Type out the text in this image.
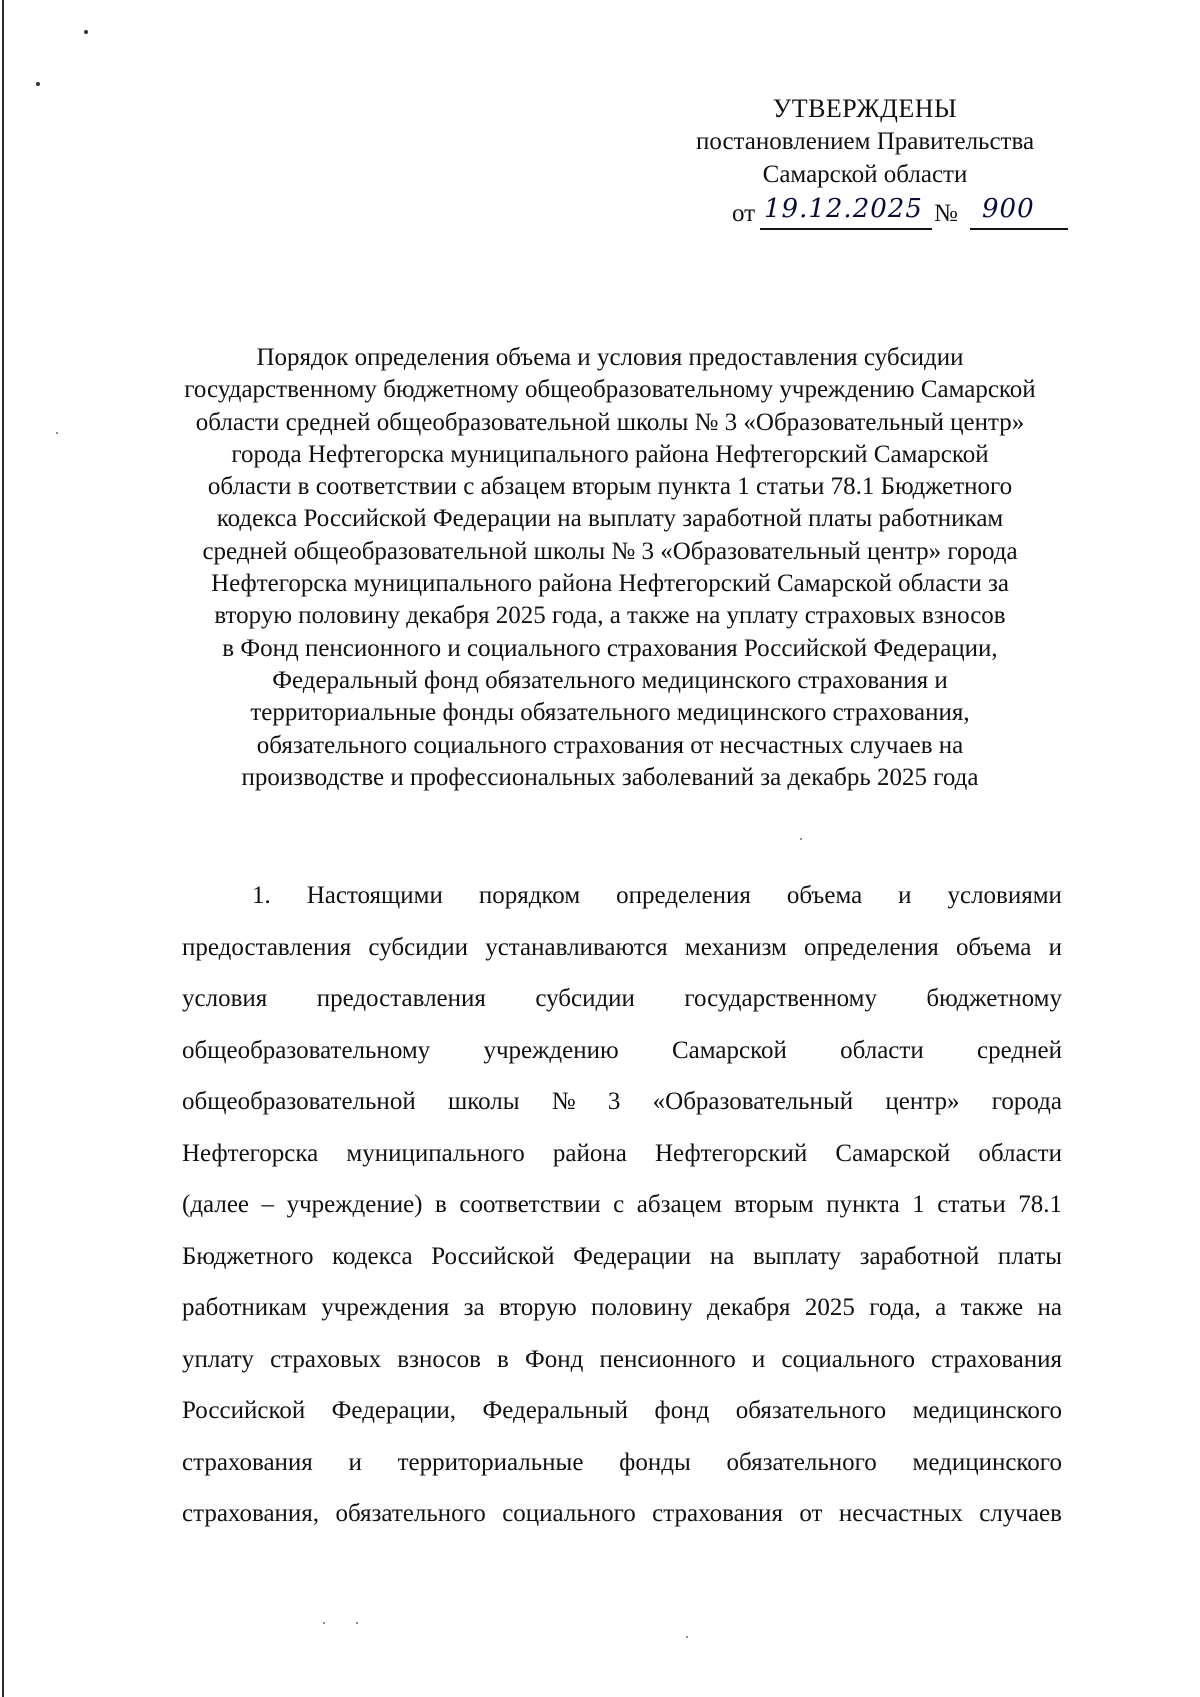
УТВЕРЖДЕНЫ
постановлением Правительства
Самарской области
от 19.12.2025 № 900
Порядок определения объема и условия предоставления субсидии
государственному бюджетному общеобразовательному учреждению Самарской
области средней общеобразовательной школы № 3 «Образовательный центр»
города Нефтегорска муниципального района Нефтегорский Самарской
области в соответствии с абзацем вторым пункта 1 статьи 78.1 Бюджетного
кодекса Российской Федерации на выплату заработной платы работникам
средней общеобразовательной школы № 3 «Образовательный центр» города
Нефтегорска муниципального района Нефтегорский Самарской области за
вторую половину декабря 2025 года, а также на уплату страховых взносов
в Фонд пенсионного и социального страхования Российской Федерации,
Федеральный фонд обязательного медицинского страхования и
территориальные фонды обязательного медицинского страхования,
обязательного социального страхования от несчастных случаев на
производстве и профессиональных заболеваний за декабрь 2025 года
1. Настоящими порядком определения объема и условиями
предоставления субсидии устанавливаются механизм определения объема и
условия предоставления субсидии государственному бюджетному
общеобразовательному учреждению Самарской области средней
общеобразовательной школы № 3 «Образовательный центр» города
Нефтегорска муниципального района Нефтегорский Самарской области
(далее – учреждение) в соответствии с абзацем вторым пункта 1 статьи 78.1
Бюджетного кодекса Российской Федерации на выплату заработной платы
работникам учреждения за вторую половину декабря 2025 года, а также на
уплату страховых взносов в Фонд пенсионного и социального страхования
Российской Федерации, Федеральный фонд обязательного медицинского
страхования и территориальные фонды обязательного медицинского
страхования, обязательного социального страхования от несчастных случаев
